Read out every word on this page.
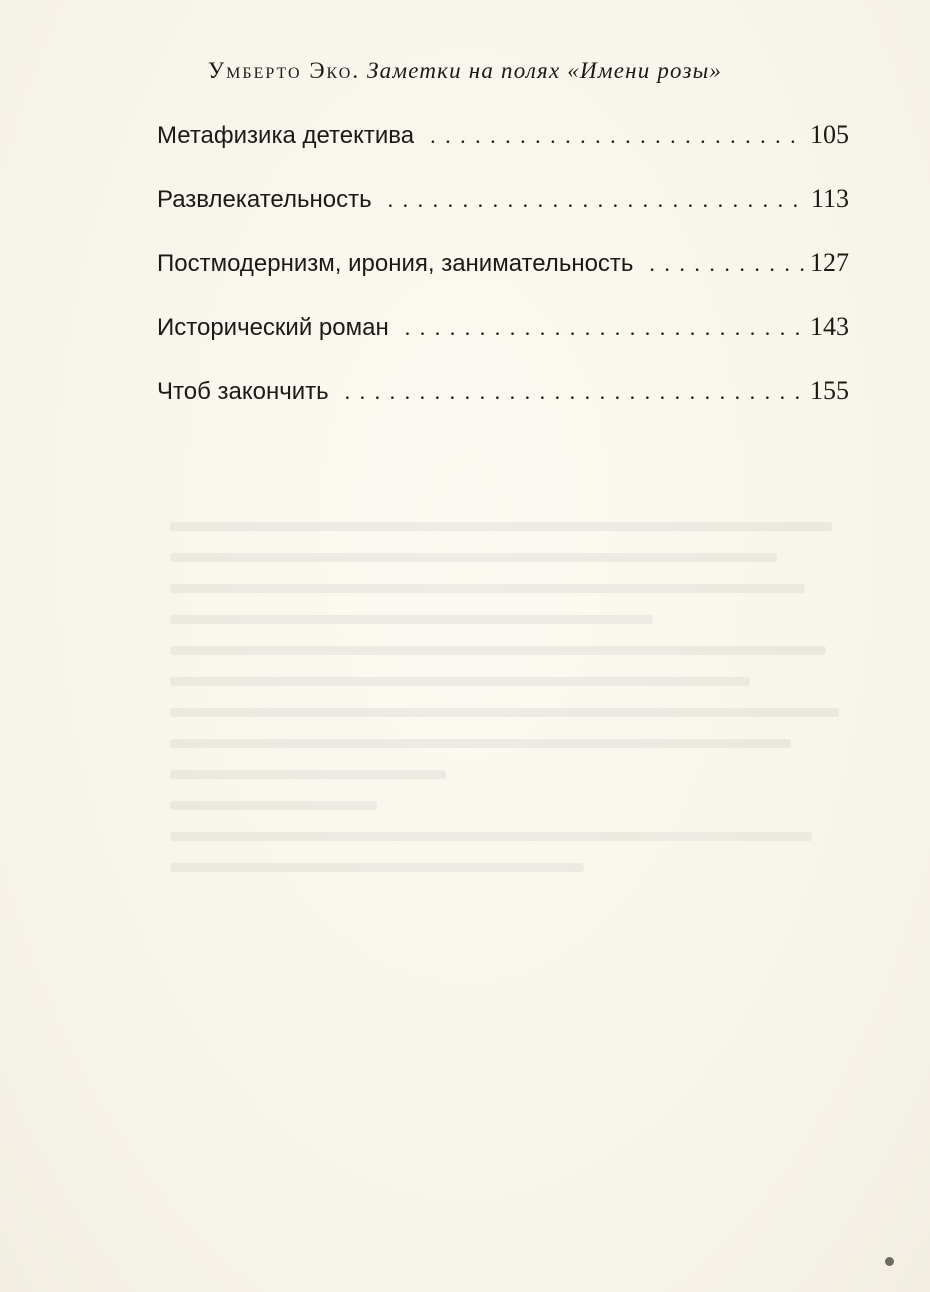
Умберто Эко. Заметки на полях «Имени розы»
Метафизика детектива . . .	105
Развлекательность . . .	113
Постмодернизм, ирония, занимательность . . .	127
Исторический роман . . .	143
Чтоб закончить . . .	155
